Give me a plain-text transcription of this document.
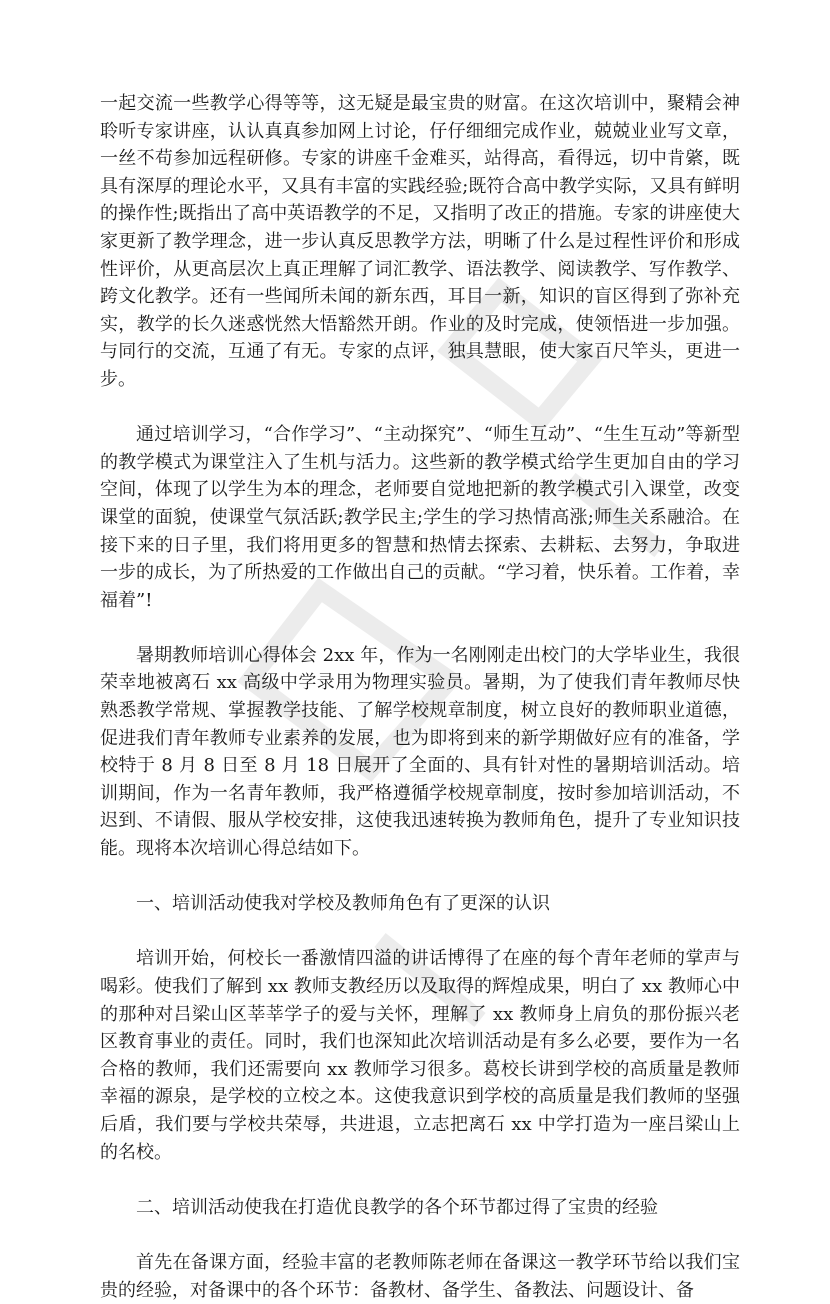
一起交流一些教学心得等等，这无疑是最宝贵的财富。在这次培训中，聚精会神聆听专家讲座，认认真真参加网上讨论，仔仔细细完成作业，兢兢业业写文章，一丝不苟参加远程研修。专家的讲座千金难买，站得高，看得远，切中肯綮，既具有深厚的理论水平，又具有丰富的实践经验;既符合高中教学实际，又具有鲜明的操作性;既指出了高中英语教学的不足，又指明了改正的措施。专家的讲座使大家更新了教学理念，进一步认真反思教学方法，明晰了什么是过程性评价和形成性评价，从更高层次上真正理解了词汇教学、语法教学、阅读教学、写作教学、跨文化教学。还有一些闻所未闻的新东西，耳目一新，知识的盲区得到了弥补充实，教学的长久迷惑恍然大悟豁然开朗。作业的及时完成，使领悟进一步加强。与同行的交流，互通了有无。专家的点评，独具慧眼，使大家百尺竿头，更进一步。

通过培训学习，“合作学习”、“主动探究”、“师生互动”、“生生互动”等新型的教学模式为课堂注入了生机与活力。这些新的教学模式给学生更加自由的学习空间，体现了以学生为本的理念，老师要自觉地把新的教学模式引入课堂，改变课堂的面貌，使课堂气氛活跃;教学民主;学生的学习热情高涨;师生关系融洽。在接下来的日子里，我们将用更多的智慧和热情去探索、去耕耘、去努力，争取进一步的成长，为了所热爱的工作做出自己的贡献。“学习着，快乐着。工作着，幸福着”!

暑期教师培训心得体会 2xx 年，作为一名刚刚走出校门的大学毕业生，我很荣幸地被离石 xx 高级中学录用为物理实验员。暑期，为了使我们青年教师尽快熟悉教学常规、掌握教学技能、了解学校规章制度，树立良好的教师职业道德，促进我们青年教师专业素养的发展，也为即将到来的新学期做好应有的准备，学校特于 8 月 8 日至 8 月 18 日展开了全面的、具有针对性的暑期培训活动。培训期间，作为一名青年教师，我严格遵循学校规章制度，按时参加培训活动，不迟到、不请假、服从学校安排，这使我迅速转换为教师角色，提升了专业知识技能。现将本次培训心得总结如下。

一、培训活动使我对学校及教师角色有了更深的认识

培训开始，何校长一番激情四溢的讲话博得了在座的每个青年老师的掌声与喝彩。使我们了解到 xx 教师支教经历以及取得的辉煌成果，明白了 xx 教师心中的那种对吕梁山区莘莘学子的爱与关怀，理解了 xx 教师身上肩负的那份振兴老区教育事业的责任。同时，我们也深知此次培训活动是有多么必要，要作为一名合格的教师，我们还需要向 xx 教师学习很多。葛校长讲到学校的高质量是教师幸福的源泉，是学校的立校之本。这使我意识到学校的高质量是我们教师的坚强后盾，我们要与学校共荣辱，共进退，立志把离石 xx 中学打造为一座吕梁山上的名校。

二、培训活动使我在打造优良教学的各个环节都过得了宝贵的经验

首先在备课方面，经验丰富的老教师陈老师在备课这一教学环节给以我们宝贵的经验，对备课中的各个环节：备教材、备学生、备教法、问题设计、备
